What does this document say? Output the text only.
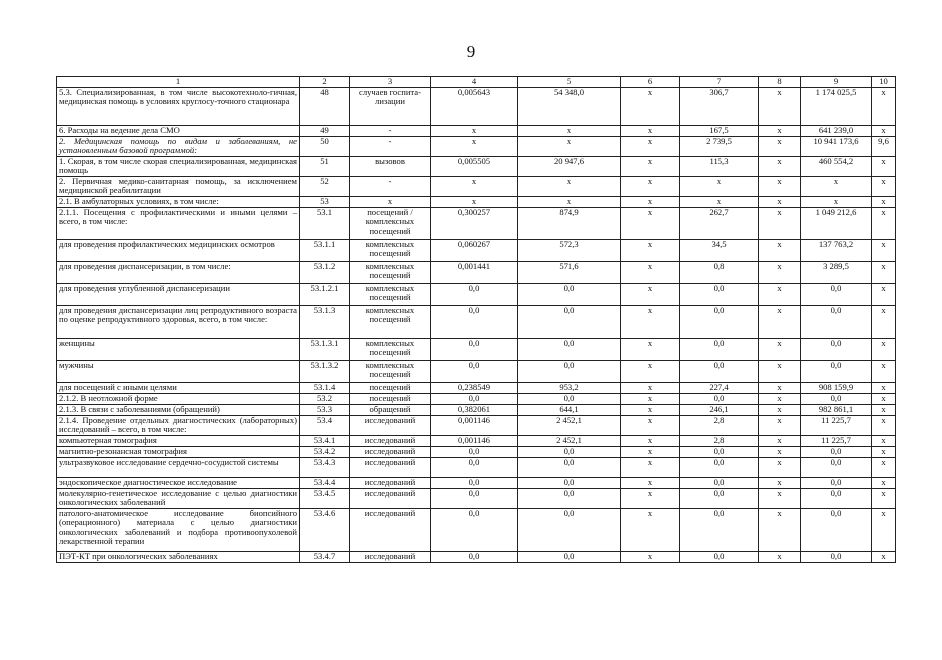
9
1	2	3	4	5	6	7	8	9	10
5.3. Специализированная, в том числе высокотехноло-гичная, медицинская помощь в условиях круглосу-точного стационара	48	случаев госпита-лизации	0,005643	54 348,0	x	306,7	x	1 174 025,5	x
6. Расходы на ведение дела СМО	49	-	x	x	x	167,5	x	641 239,0	x
2. Медицинская помощь по видам и заболеваниям, не установленным базовой программой:	50	-	x	x	x	2 739,5	x	10 941 173,6	9,6
1. Скорая, в том числе скорая специализированная, медицинская помощь	51	вызовов	0,005505	20 947,6	x	115,3	x	460 554,2	x
2. Первичная медико-санитарная помощь, за исключением медицинской реабилитации	52	-	x	x	x	x	x	x	x
2.1. В амбулаторных условиях, в том числе:	53	x	x	x	x	x	x	x	x
2.1.1. Посещения с профилактическими и иными целями – всего, в том числе:	53.1	посещений / комплексных посещений	0,300257	874,9	x	262,7	x	1 049 212,6	x
для проведения профилактических медицинских осмотров	53.1.1	комплексных посещений	0,060267	572,3	x	34,5	x	137 763,2	x
для проведения диспансеризации, в том числе:	53.1.2	комплексных посещений	0,001441	571,6	x	0,8	x	3 289,5	x
для проведения углубленной диспансеризации	53.1.2.1	комплексных посещений	0,0	0,0	x	0,0	x	0,0	x
для проведения диспансеризации лиц репродуктивного возраста по оценке репродуктивного здоровья, всего, в том числе:	53.1.3	комплексных посещений	0,0	0,0	x	0,0	x	0,0	x
женщины	53.1.3.1	комплексных посещений	0,0	0,0	x	0,0	x	0,0	x
мужчины	53.1.3.2	комплексных посещений	0,0	0,0	x	0,0	x	0,0	x
для посещений с иными целями	53.1.4	посещений	0,238549	953,2	x	227,4	x	908 159,9	x
2.1.2. В неотложной форме	53.2	посещений	0,0	0,0	x	0,0	x	0,0	x
2.1.3. В связи с заболеваниями (обращений)	53.3	обращений	0,382061	644,1	x	246,1	x	982 861,1	x
2.1.4. Проведение отдельных диагностических (лабораторных) исследований – всего, в том числе:	53.4	исследований	0,001146	2 452,1	x	2,8	x	11 225,7	x
компьютерная томография	53.4.1	исследований	0,001146	2 452,1	x	2,8	x	11 225,7	x
магнитно-резонансная томография	53.4.2	исследований	0,0	0,0	x	0,0	x	0,0	x
ультразвуковое исследование сердечно-сосудистой системы	53.4.3	исследований	0,0	0,0	x	0,0	x	0,0	x
эндоскопическое диагностическое исследование	53.4.4	исследований	0,0	0,0	x	0,0	x	0,0	x
молекулярно-генетическое исследование с целью диагностики онкологических заболеваний	53.4.5	исследований	0,0	0,0	x	0,0	x	0,0	x
патолого-анатомическое исследование биопсийного (операционного) материала с целью диагностики онкологических заболеваний и подбора противоопухолевой лекарственной терапии	53.4.6	исследований	0,0	0,0	x	0,0	x	0,0	x
ПЭТ-КТ при онкологических заболеваниях	53.4.7	исследований	0,0	0,0	x	0,0	x	0,0	x
